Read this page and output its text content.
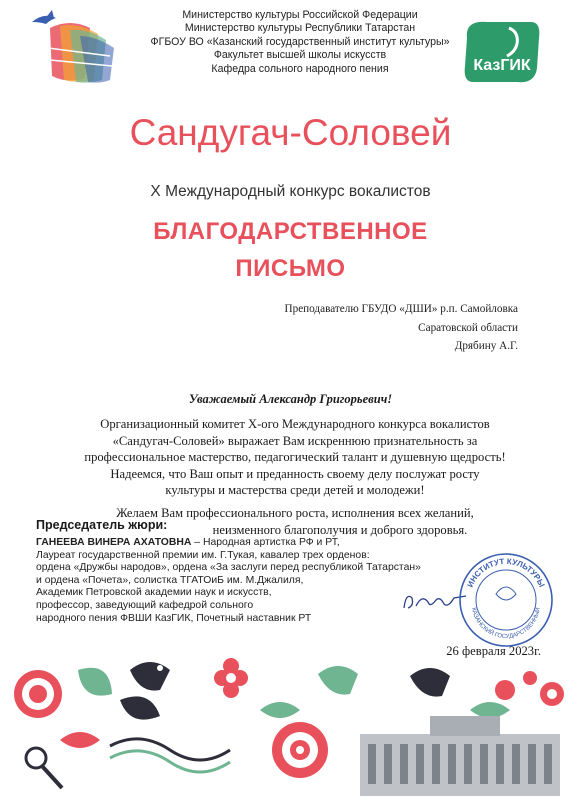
Министерство культуры Российской Федерации
Министерство культуры Республики Татарстан
ФГБОУ ВО «Казанский государственный институт культуры»
Факультет высшей школы искусств
Кафедра сольного народного пения	КазГИК
Сандугач-Соловей
X Международный конкурс вокалистов
БЛАГОДАРСТВЕННОЕ
ПИСЬМО
Преподавателю ГБУДО «ДШИ» р.п. Самойловка
Саратовской области
Дрябину А.Г.
Уважаемый Александр Григорьевич!
Организационный комитет X-ого Международного конкурса вокалистов
«Сандугач-Соловей» выражает Вам искреннюю признательность за
профессиональное мастерство, педагогический талант и душевную щедрость!
Надеемся, что Ваш опыт и преданность своему делу послужат росту
культуры и мастерства среди детей и молодежи!
Желаем Вам профессионального роста, исполнения всех желаний,
неизменного благополучия и доброго здоровья.
Председатель жюри:
ГАНЕЕВА ВИНЕРА АХАТОВНА – Народная артистка РФ и РТ,
Лауреат государственной премии им. Г.Тукая, кавалер трех орденов:
ордена «Дружбы народов», ордена «За заслуги перед республикой Татарстан»
и ордена «Почета», солистка ТГАТОиБ им. М.Джалиля,
Академик Петровской академии наук и искусств,
профессор, заведующий кафедрой сольного
народного пения ФВШИ КазГИК, Почетный наставник РТ
ИНСТИТУТ КУЛЬТУРЫ
КАЗАНСКИЙ ГОСУДАРСТВЕННЫЙ
26 февраля 2023г.
